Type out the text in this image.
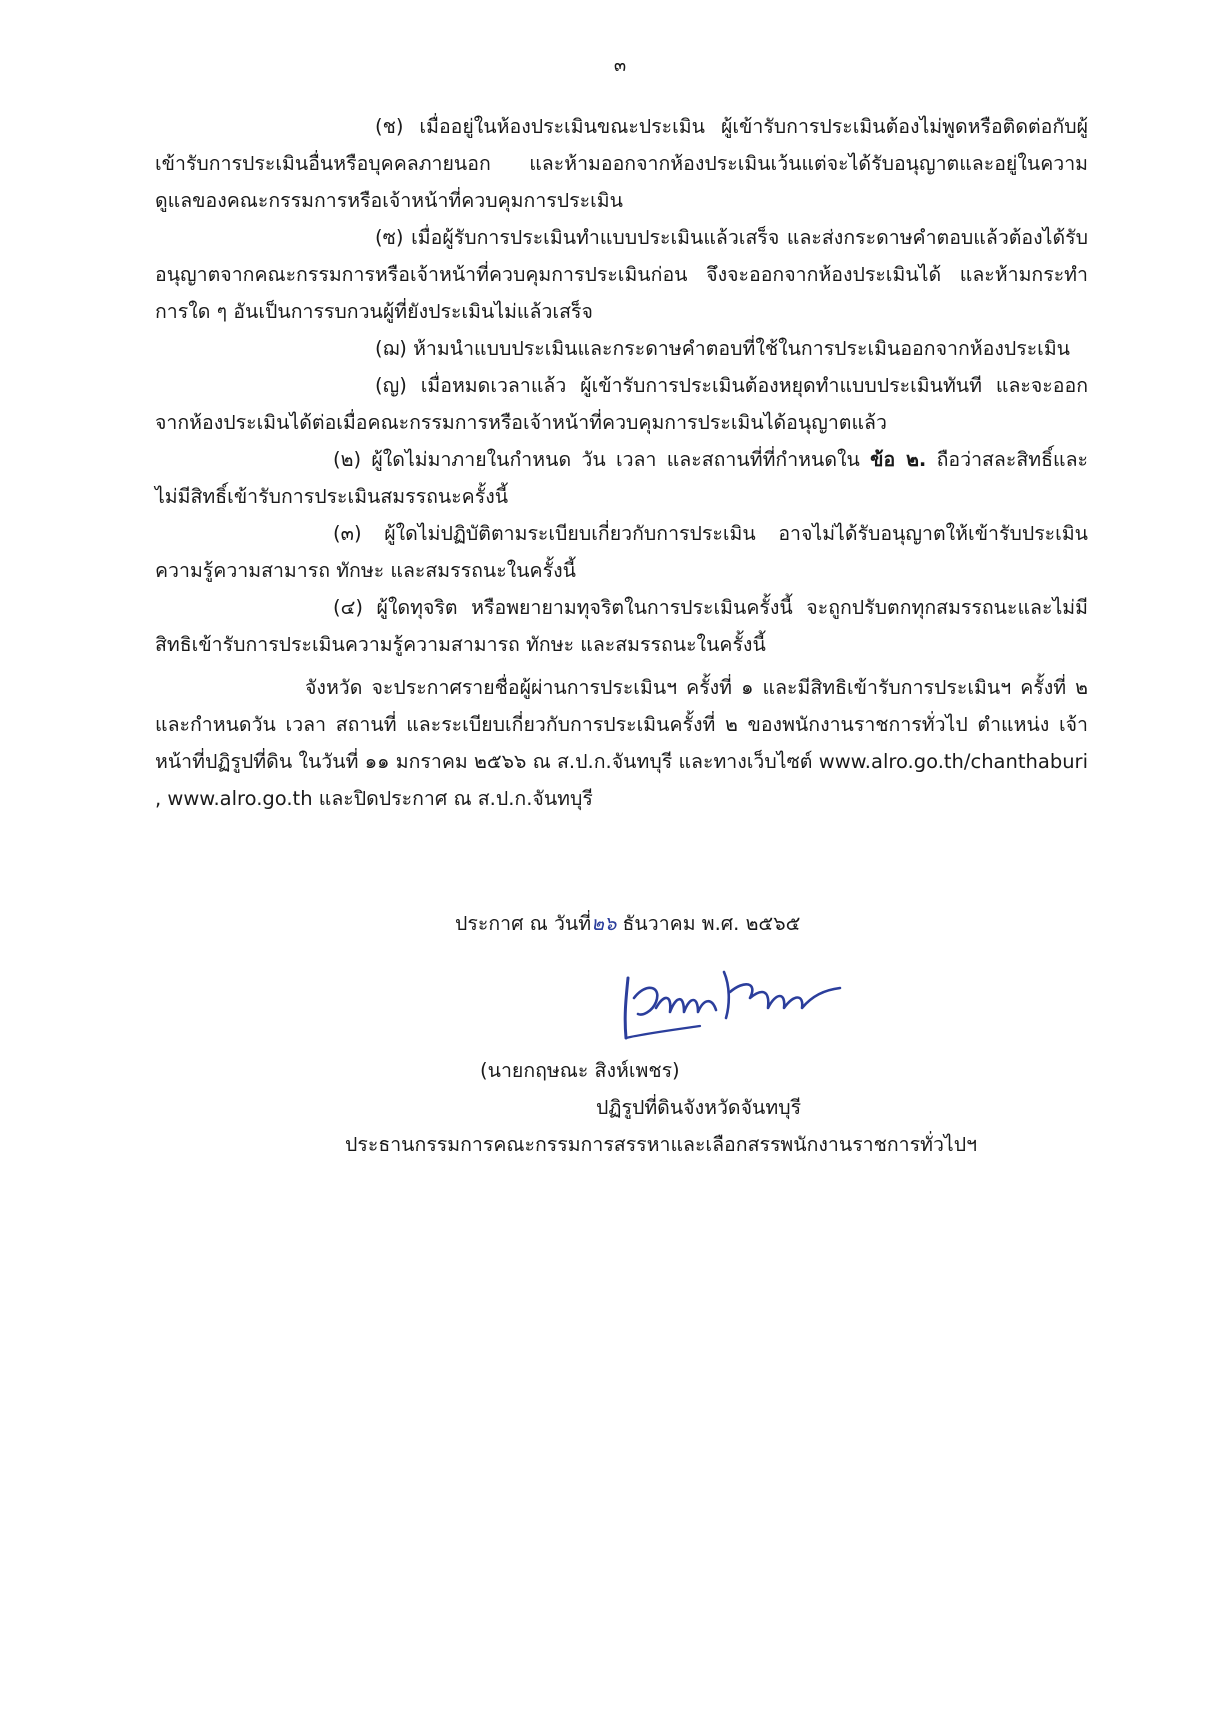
๓

(ช) เมื่ออยู่ในห้องประเมินขณะประเมิน ผู้เข้ารับการประเมินต้องไม่พูดหรือติดต่อกับผู้เข้ารับการประเมินอื่นหรือบุคคลภายนอก และห้ามออกจากห้องประเมินเว้นแต่จะได้รับอนุญาตและอยู่ในความดูแลของคณะกรรมการหรือเจ้าหน้าที่ควบคุมการประเมิน

(ซ) เมื่อผู้รับการประเมินทำแบบประเมินแล้วเสร็จ และส่งกระดาษคำตอบแล้วต้องได้รับอนุญาตจากคณะกรรมการหรือเจ้าหน้าที่ควบคุมการประเมินก่อน จึงจะออกจากห้องประเมินได้ และห้ามกระทำการใด ๆ อันเป็นการรบกวนผู้ที่ยังประเมินไม่แล้วเสร็จ

(ฌ) ห้ามนำแบบประเมินและกระดาษคำตอบที่ใช้ในการประเมินออกจากห้องประเมิน

(ญ) เมื่อหมดเวลาแล้ว ผู้เข้ารับการประเมินต้องหยุดทำแบบประเมินทันที และจะออกจากห้องประเมินได้ต่อเมื่อคณะกรรมการหรือเจ้าหน้าที่ควบคุมการประเมินได้อนุญาตแล้ว

(๒) ผู้ใดไม่มาภายในกำหนด วัน เวลา และสถานที่ที่กำหนดใน ข้อ ๒. ถือว่าสละสิทธิ์และไม่มีสิทธิ์เข้ารับการประเมินสมรรถนะครั้งนี้

(๓) ผู้ใดไม่ปฏิบัติตามระเบียบเกี่ยวกับการประเมิน อาจไม่ได้รับอนุญาตให้เข้ารับประเมินความรู้ความสามารถ ทักษะ และสมรรถนะในครั้งนี้

(๔) ผู้ใดทุจริต หรือพยายามทุจริตในการประเมินครั้งนี้ จะถูกปรับตกทุกสมรรถนะและไม่มีสิทธิเข้ารับการประเมินความรู้ความสามารถ ทักษะ และสมรรถนะในครั้งนี้

จังหวัด จะประกาศรายชื่อผู้ผ่านการประเมินฯ ครั้งที่ ๑ และมีสิทธิเข้ารับการประเมินฯ ครั้งที่ ๒ และกำหนดวัน เวลา สถานที่ และระเบียบเกี่ยวกับการประเมินครั้งที่ ๒ ของพนักงานราชการทั่วไป ตำแหน่ง เจ้าหน้าที่ปฏิรูปที่ดิน ในวันที่ ๑๑ มกราคม ๒๕๖๖ ณ ส.ป.ก.จันทบุรี และทางเว็บไซต์ www.alro.go.th/chanthaburi , www.alro.go.th และปิดประกาศ ณ ส.ป.ก.จันทบุรี

ประกาศ ณ วันที่๒๖ ธันวาคม พ.ศ. ๒๕๖๕
(นายกฤษณะ สิงห์เพชร)
ปฏิรูปที่ดินจังหวัดจันทบุรี
ประธานกรรมการคณะกรรมการสรรหาและเลือกสรรพนักงานราชการทั่วไปฯ
